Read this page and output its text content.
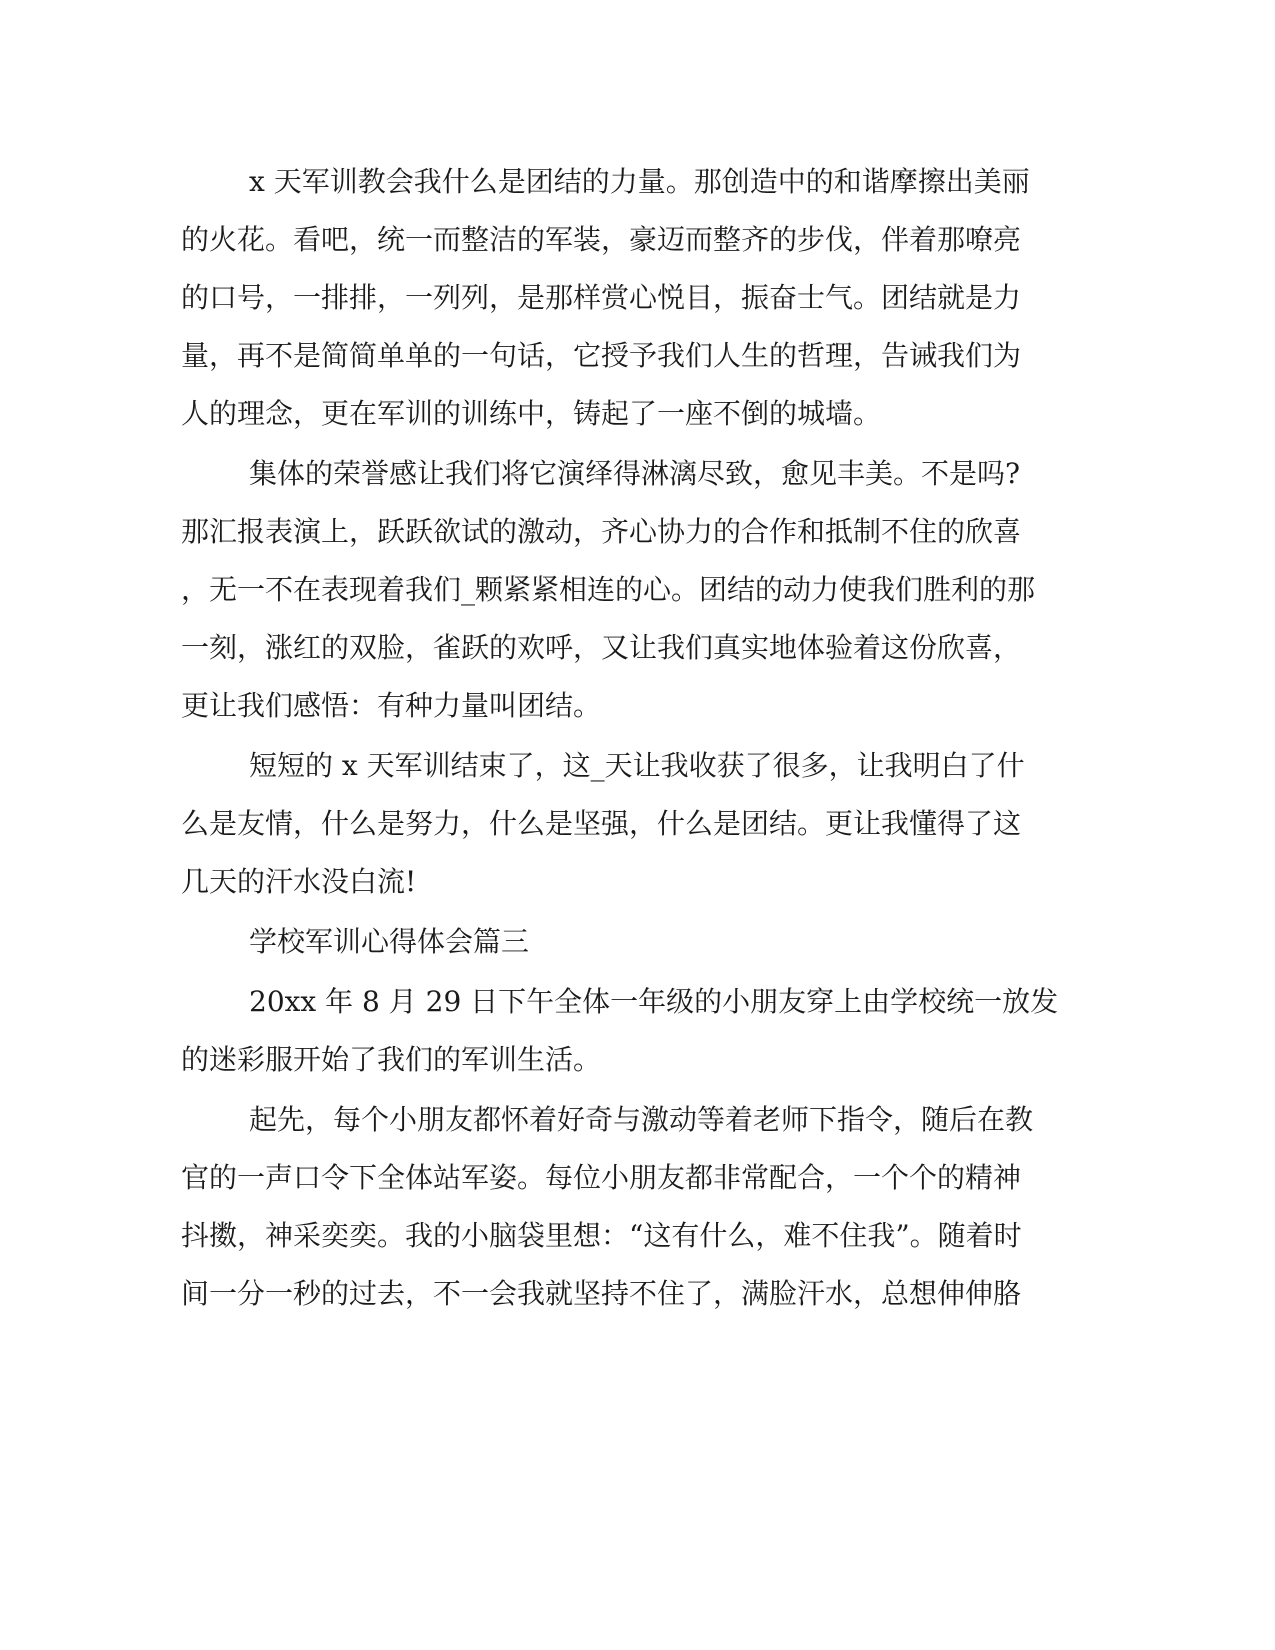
x 天军训教会我什么是团结的力量。那创造中的和谐摩擦出美丽
的火花。看吧，统一而整洁的军装，豪迈而整齐的步伐，伴着那嘹亮
的口号，一排排，一列列，是那样赏心悦目，振奋士气。团结就是力
量，再不是简简单单的一句话，它授予我们人生的哲理，告诫我们为
人的理念，更在军训的训练中，铸起了一座不倒的城墙。
集体的荣誉感让我们将它演绎得淋漓尽致，愈见丰美。不是吗?
那汇报表演上，跃跃欲试的激动，齐心协力的合作和抵制不住的欣喜
，无一不在表现着我们_颗紧紧相连的心。团结的动力使我们胜利的那
一刻，涨红的双脸，雀跃的欢呼，又让我们真实地体验着这份欣喜，
更让我们感悟：有种力量叫团结。
短短的 x 天军训结束了，这_天让我收获了很多，让我明白了什
么是友情，什么是努力，什么是坚强，什么是团结。更让我懂得了这
几天的汗水没白流!
学校军训心得体会篇三
20xx 年 8 月 29 日下午全体一年级的小朋友穿上由学校统一放发
的迷彩服开始了我们的军训生活。
起先，每个小朋友都怀着好奇与激动等着老师下指令，随后在教
官的一声口令下全体站军姿。每位小朋友都非常配合，一个个的精神
抖擞，神采奕奕。我的小脑袋里想：“这有什么，难不住我”。随着时
间一分一秒的过去，不一会我就坚持不住了，满脸汗水，总想伸伸胳
